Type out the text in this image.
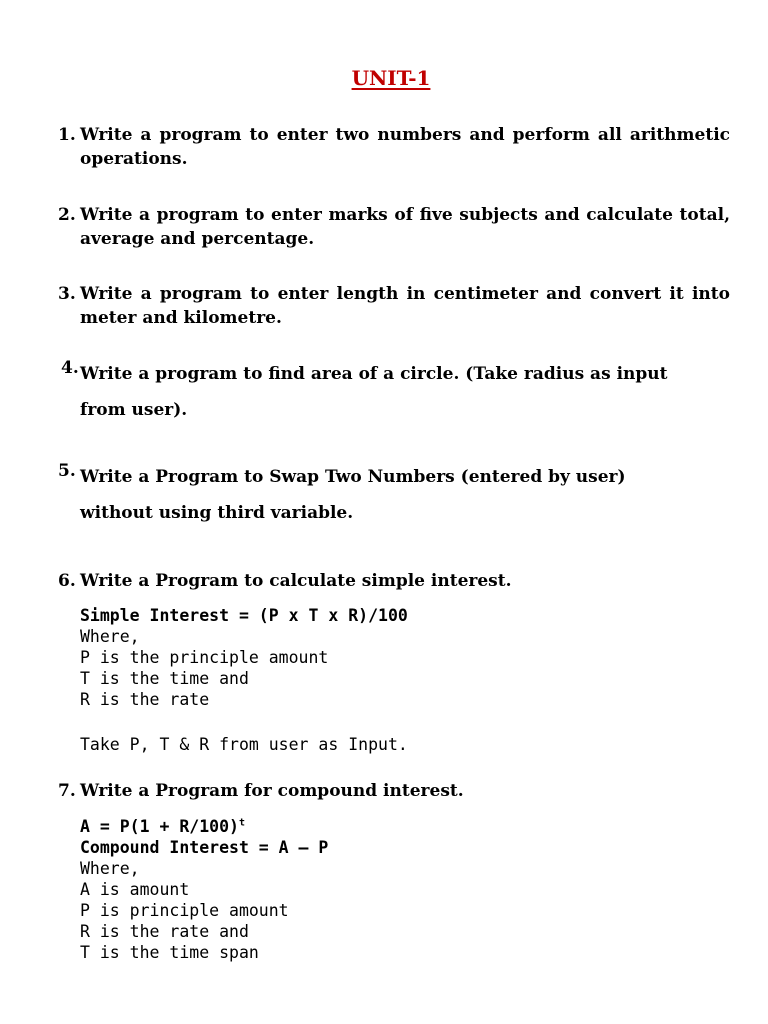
UNIT-1
1. Write a program to enter two numbers and perform all arithmetic operations.
2. Write a program to enter marks of five subjects and calculate total, average and percentage.
3. Write a program to enter length in centimeter and convert it into meter and kilometre.
4. Write a program to find area of a circle. (Take radius as input from user).
5. Write a Program to Swap Two Numbers (entered by user) without using third variable.
6. Write a Program to calculate simple interest.
Simple Interest = (P x T x R)/100
Where,
P is the principle amount
T is the time and
R is the rate
Take P, T & R from user as Input.
7. Write a Program for compound interest.
$A = P(1 + R/100)^t$
Compound Interest = A – P
Where,
A is amount
P is principle amount
R is the rate and
T is the time span
